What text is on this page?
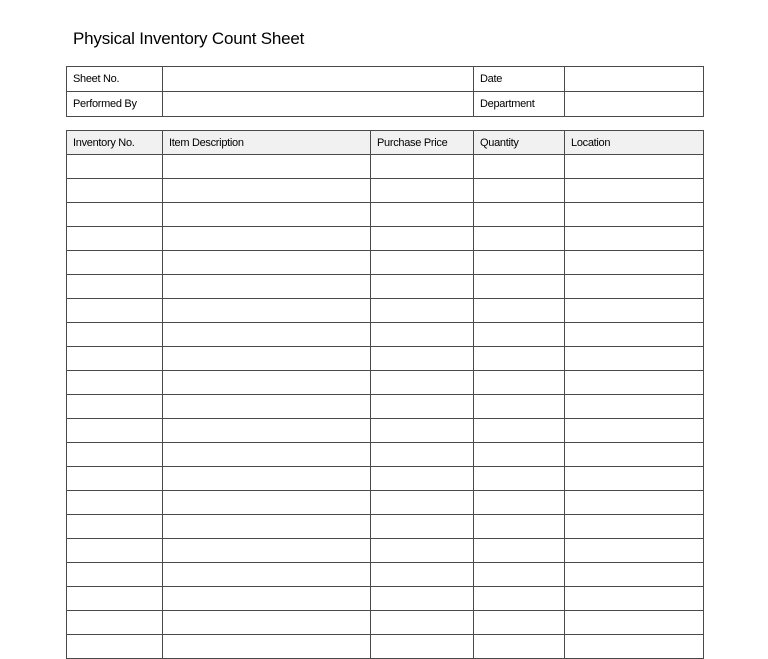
Physical Inventory Count Sheet
Sheet No.		Date	
Performed By		Department	
Inventory No.	Item Description	Purchase Price	Quantity	Location
